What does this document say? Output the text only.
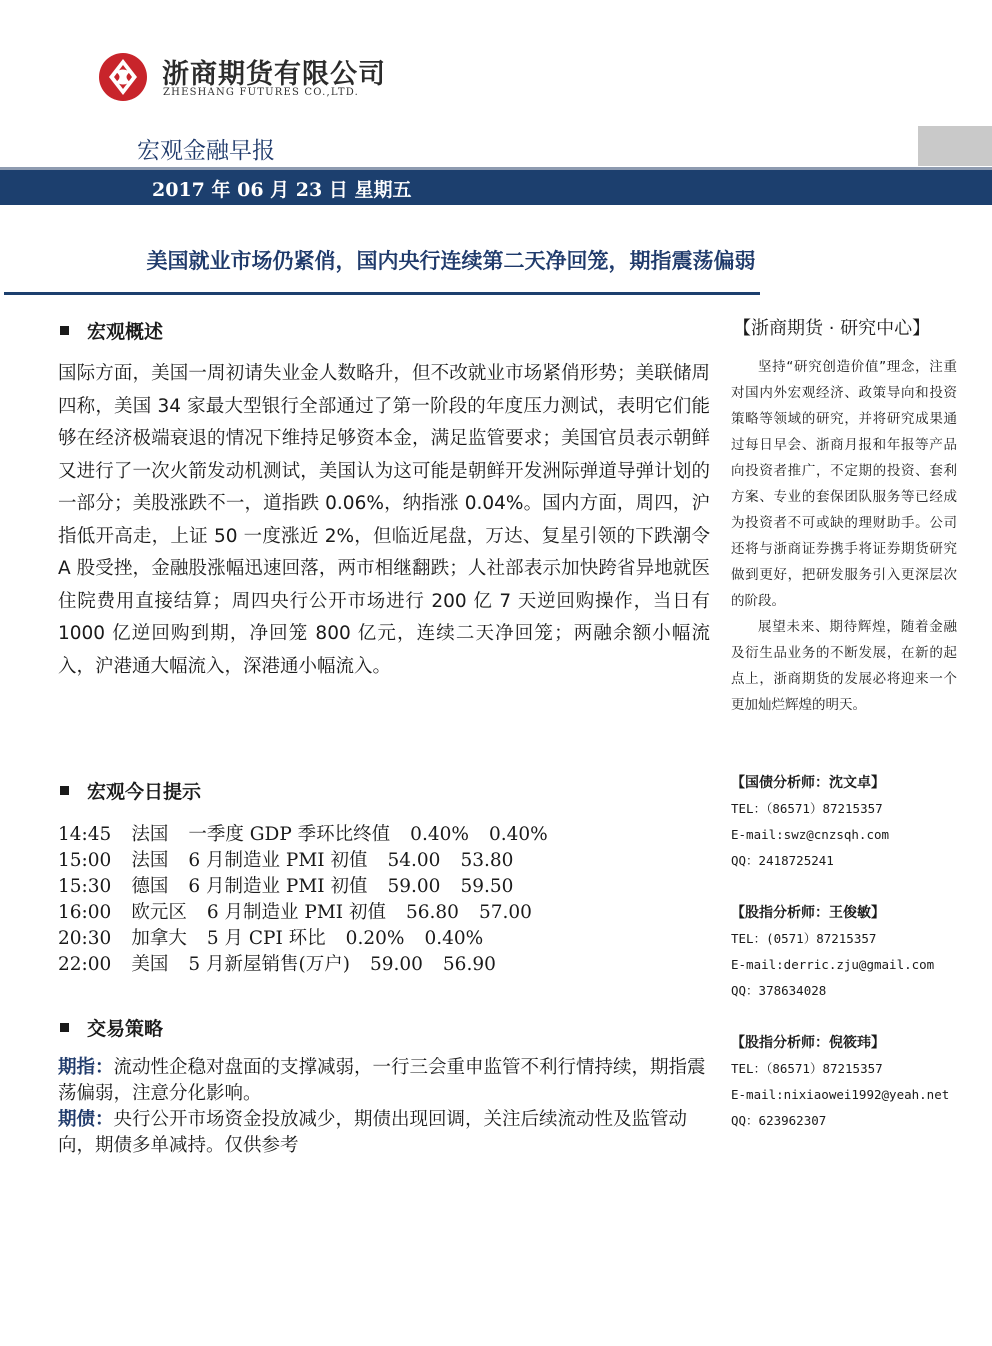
浙商期货有限公司
ZHESHANG FUTURES CO.,LTD.
宏观金融早报
2017 年 06 月 23 日 星期五
美国就业市场仍紧俏，国内央行连续第二天净回笼，期指震荡偏弱
宏观概述

国际方面，美国一周初请失业金人数略升，但不改就业市场紧俏形势；美联储周四称，美国 34 家最大型银行全部通过了第一阶段的年度压力测试，表明它们能够在经济极端衰退的情况下维持足够资本金，满足监管要求；美国官员表示朝鲜又进行了一次火箭发动机测试，美国认为这可能是朝鲜开发洲际弹道导弹计划的一部分；美股涨跌不一，道指跌 0.06%，纳指涨 0.04%。国内方面，周四，沪指低开高走，上证 50 一度涨近 2%，但临近尾盘，万达、复星引领的下跌潮令 A 股受挫，金融股涨幅迅速回落，两市相继翻跌；人社部表示加快跨省异地就医住院费用直接结算；周四央行公开市场进行 200 亿 7 天逆回购操作，当日有 1000 亿逆回购到期，净回笼 800 亿元，连续二天净回笼；两融余额小幅流入，沪港通大幅流入，深港通小幅流入。

宏观今日提示
14:45 法国 一季度 GDP 季环比终值 0.40% 0.40%
15:00 法国 6 月制造业 PMI 初值 54.00 53.80
15:30 德国 6 月制造业 PMI 初值 59.00 59.50
16:00 欧元区 6 月制造业 PMI 初值 56.80 57.00
20:30 加拿大 5 月 CPI 环比 0.20% 0.40%
22:00 美国 5 月新屋销售(万户) 59.00 56.90
交易策略

期指：流动性企稳对盘面的支撑减弱，一行三会重申监管不利行情持续，期指震荡偏弱，注意分化影响。

期债：央行公开市场资金投放减少，期债出现回调，关注后续流动性及监管动向，期债多单减持。仅供参考

【浙商期货 · 研究中心】

坚持“研究创造价值”理念，注重对国内外宏观经济、政策导向和投资策略等领域的研究，并将研究成果通过每日早会、浙商月报和年报等产品向投资者推广，不定期的投资、套利方案、专业的套保团队服务等已经成为投资者不可或缺的理财助手。公司还将与浙商证券携手将证券期货研究做到更好，把研发服务引入更深层次的阶段。

展望未来、期待辉煌，随着金融及衍生品业务的不断发展，在新的起点上，浙商期货的发展必将迎来一个更加灿烂辉煌的明天。

【国债分析师：沈文卓】
TEL：（86571）87215357
E-mail:swz@cnzsqh.com
QQ：2418725241
【股指分析师：王俊敏】
TEL：(0571）87215357
E-mail:derric.zju@gmail.com
QQ：378634028
【股指分析师：倪筱玮】
TEL：（86571）87215357
E-mail:nixiaowei1992@yeah.net
QQ：623962307
